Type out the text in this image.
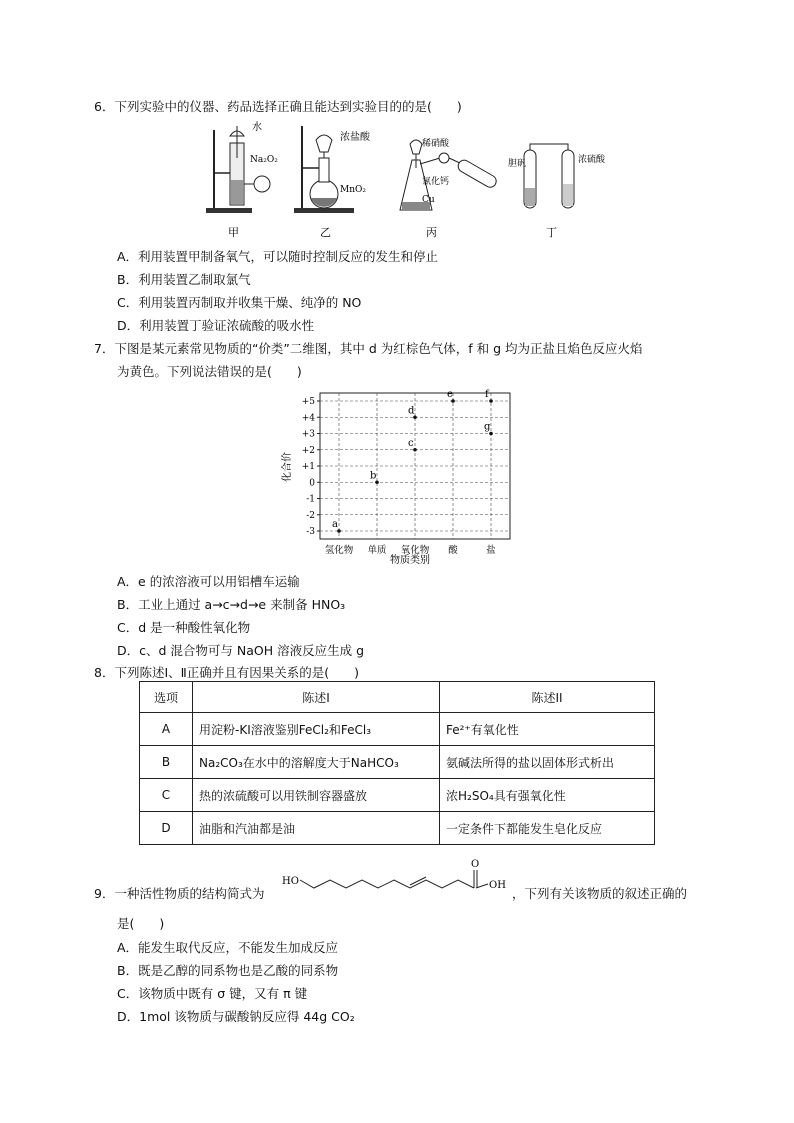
6．下列实验中的仪器、药品选择正确且能达到实验目的的是(　　)
水
Na₂O₂
甲
浓盐酸
MnO₂
乙
稀硝酸
氯化钙
Cu
丙
胆矾	浓硫酸
丁
A．利用装置甲制备氧气，可以随时控制反应的发生和停止
B．利用装置乙制取氯气
C．利用装置丙制取并收集干燥、纯净的 NO
D．利用装置丁验证浓硫酸的吸水性
7．下图是某元素常见物质的“价类”二维图，其中 d 为红棕色气体，f 和 g 均为正盐且焰色反应火焰
为黄色。下列说法错误的是(　　)
化合价
物质类别
+5
+4
+3
+2
+1
0
-1
-2
-3
氢化物 单质 氧化物 酸	盐
a
b
c
d
e	f
g
A．e 的浓溶液可以用铝槽车运输
B．工业上通过 a→c→d→e 来制备 HNO₃
C．d 是一种酸性氧化物
D．c、d 混合物可与 NaOH 溶液反应生成 g
8．下列陈述Ⅰ、Ⅱ正确并且有因果关系的是(　　)
选项	陈述I	陈述II
A	用淀粉-KI溶液鉴别FeCl₂和FeCl₃	Fe²⁺有氧化性
B	Na₂CO₃在水中的溶解度大于NaHCO₃	氨碱法所得的盐以固体形式析出
C	热的浓硫酸可以用铁制容器盛放	浓H₂SO₄具有强氧化性
D	油脂和汽油都是油	一定条件下都能发生皂化反应
9．一种活性物质的结构简式为
HO
O
OH
，下列有关该物质的叙述正确的
是(　　)
A．能发生取代反应，不能发生加成反应
B．既是乙醇的同系物也是乙酸的同系物
C．该物质中既有 σ 键，又有 π 键
D．1mol 该物质与碳酸钠反应得 44g CO₂
